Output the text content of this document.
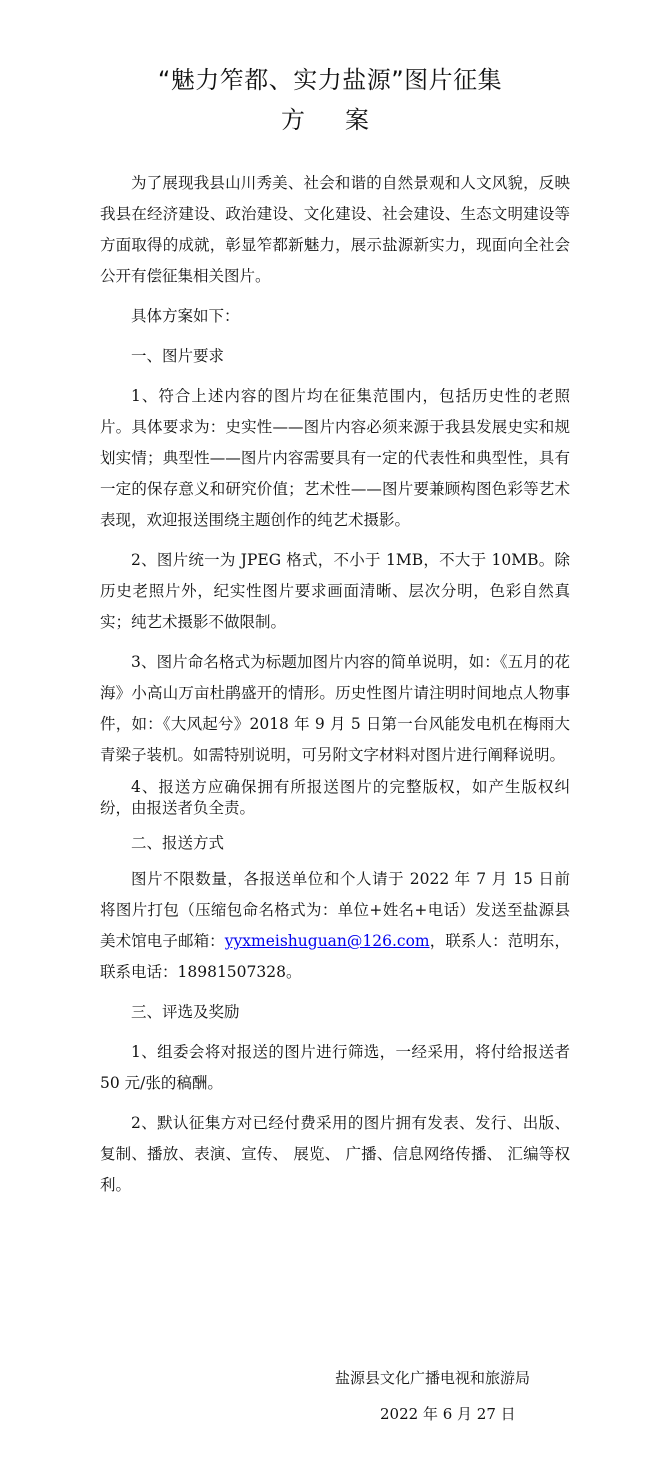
“魅力笮都、实力盐源”图片征集
方案

为了展现我县山川秀美、社会和谐的自然景观和人文风貌，反映我县在经济建设、政治建设、文化建设、社会建设、生态文明建设等方面取得的成就，彰显笮都新魅力，展示盐源新实力，现面向全社会公开有偿征集相关图片。

具体方案如下：

一、图片要求

1、符合上述内容的图片均在征集范围内，包括历史性的老照片。具体要求为：史实性——图片内容必须来源于我县发展史实和规划实情；典型性——图片内容需要具有一定的代表性和典型性，具有一定的保存意义和研究价值；艺术性——图片要兼顾构图色彩等艺术表现，欢迎报送围绕主题创作的纯艺术摄影。

2、图片统一为 JPEG 格式，不小于 1MB，不大于 10MB。除历史老照片外，纪实性图片要求画面清晰、层次分明，色彩自然真实；纯艺术摄影不做限制。

3、图片命名格式为标题加图片内容的简单说明，如：《五月的花海》小高山万亩杜鹃盛开的情形。历史性图片请注明时间地点人物事件，如：《大风起兮》2018 年 9 月 5 日第一台风能发电机在梅雨大青梁子装机。如需特别说明，可另附文字材料对图片进行阐释说明。

4、报送方应确保拥有所报送图片的完整版权，如产生版权纠纷，由报送者负全责。

二、报送方式

图片不限数量，各报送单位和个人请于 2022 年 7 月 15 日前将图片打包（压缩包命名格式为：单位+姓名+电话）发送至盐源县美术馆电子邮箱：yyxmeishuguan@126.com，联系人：范明东，联系电话：18981507328。

三、评选及奖励

1、组委会将对报送的图片进行筛选，一经采用，将付给报送者 50 元/张的稿酬。

2、默认征集方对已经付费采用的图片拥有发表、发行、出版、复制、播放、表演、宣传、 展览、 广播、信息网络传播、 汇编等权利。

盐源县文化广播电视和旅游局
2022 年 6 月 27 日
